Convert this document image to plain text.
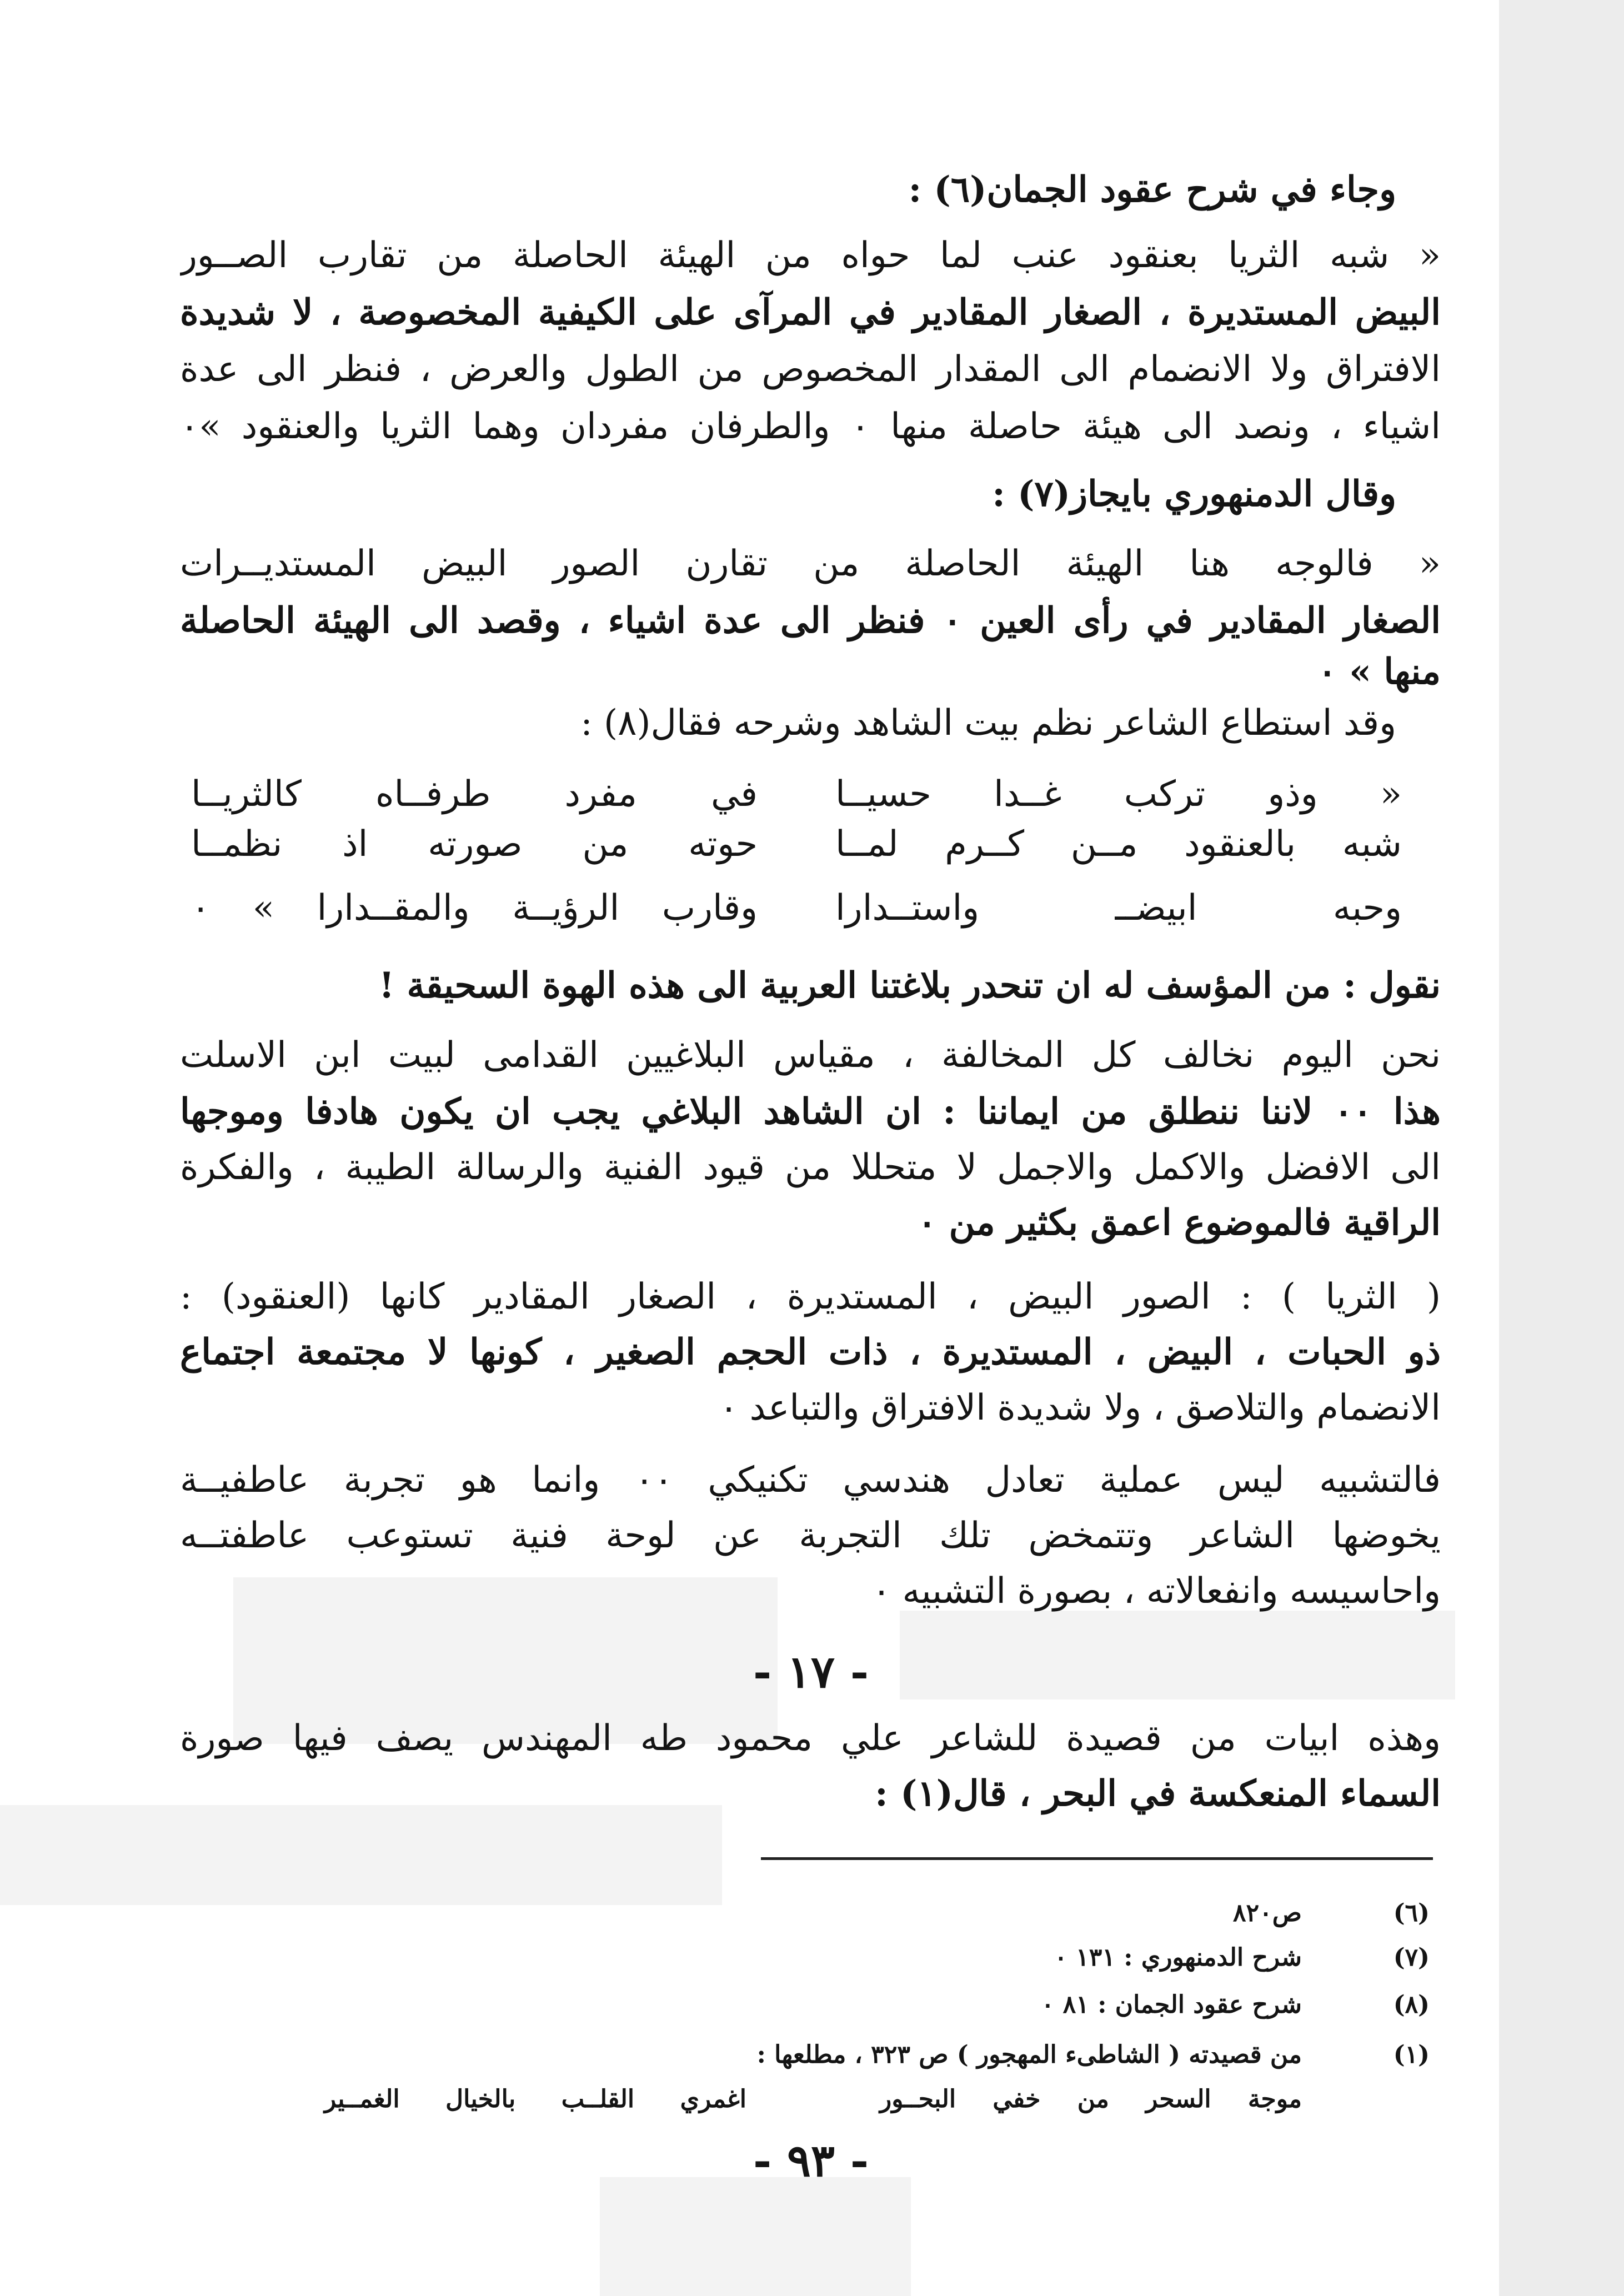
وجاء في شرح عقود الجمان(٦) :
« شبه الثريا بعنقود عنب لما حواه من الهيئة الحاصلة من تقارب الصــور
البيض المستديرة ، الصغار المقادير في المرآى على الكيفية المخصوصة ، لا شديدة
الافتراق ولا الانضمام الى المقدار المخصوص من الطول والعرض ، فنظر الى عدة
اشياء ، ونصد الى هيئة حاصلة منها ٠ والطرفان مفردان وهما الثريا والعنقود »٠
وقال الدمنهوري بايجاز(٧) :
« فالوجه هنا الهيئة الحاصلة من تقارن الصور البيض المستديــرات
الصغار المقادير في رأى العين ٠ فنظر الى عدة اشياء ، وقصد الى الهيئة الحاصلة
منها » ٠
وقد استطاع الشاعر نظم بيت الشاهد وشرحه فقال(٨) :
« وذو تركب غــدا حسيــا
في مفرد طرفــاه كالثريــا
شبه بالعنقود مــن كــرم لمــا
حوته من صورته اذ نظمــا
وحبه ابيضــ واستــدارا
وقارب الرؤيــة والمقــدارا » ٠
نقول : من المؤسف له ان تنحدر بلاغتنا العربية الى هذه الهوة السحيقة !
نحن اليوم نخالف كل المخالفة ، مقياس البلاغيين القدامى لبيت ابن الاسلت
هذا ٠٠ لاننا ننطلق من ايماننا : ان الشاهد البلاغي يجب ان يكون هادفا وموجها
الى الافضل والاكمل والاجمل لا متحللا من قيود الفنية والرسالة الطيبة ، والفكرة
الراقية فالموضوع اعمق بكثير من ٠
( الثريا ) : الصور البيض ، المستديرة ، الصغار المقادير كانها (العنقود) :
ذو الحبات ، البيض ، المستديرة ، ذات الحجم الصغير ، كونها لا مجتمعة اجتماع
الانضمام والتلاصق ، ولا شديدة الافتراق والتباعد ٠
فالتشبيه ليس عملية تعادل هندسي تكنيكي ٠٠ وانما هو تجربة عاطفيــة
يخوضها الشاعر وتتمخض تلك التجربة عن لوحة فنية تستوعب عاطفتــه
واحاسيسه وانفعالاته ، بصورة التشبيه ٠
- ١٧ -
وهذه ابيات من قصيدة للشاعر علي محمود طه المهندس يصف فيها صورة
السماء المنعكسة في البحر ، قال(١) :
(٦)
ص٨٢٠
(٧)
شرح الدمنهوري : ١٣١ ٠
(٨)
شرح عقود الجمان : ٨١ ٠
(١)
من قصيدته ( الشاطىء المهجور ) ص ٣٢٣ ، مطلعها :
موجة السحر من خفي البحــور
اغمري القلــب بالخيال الغمــير
- ٩٣ -
